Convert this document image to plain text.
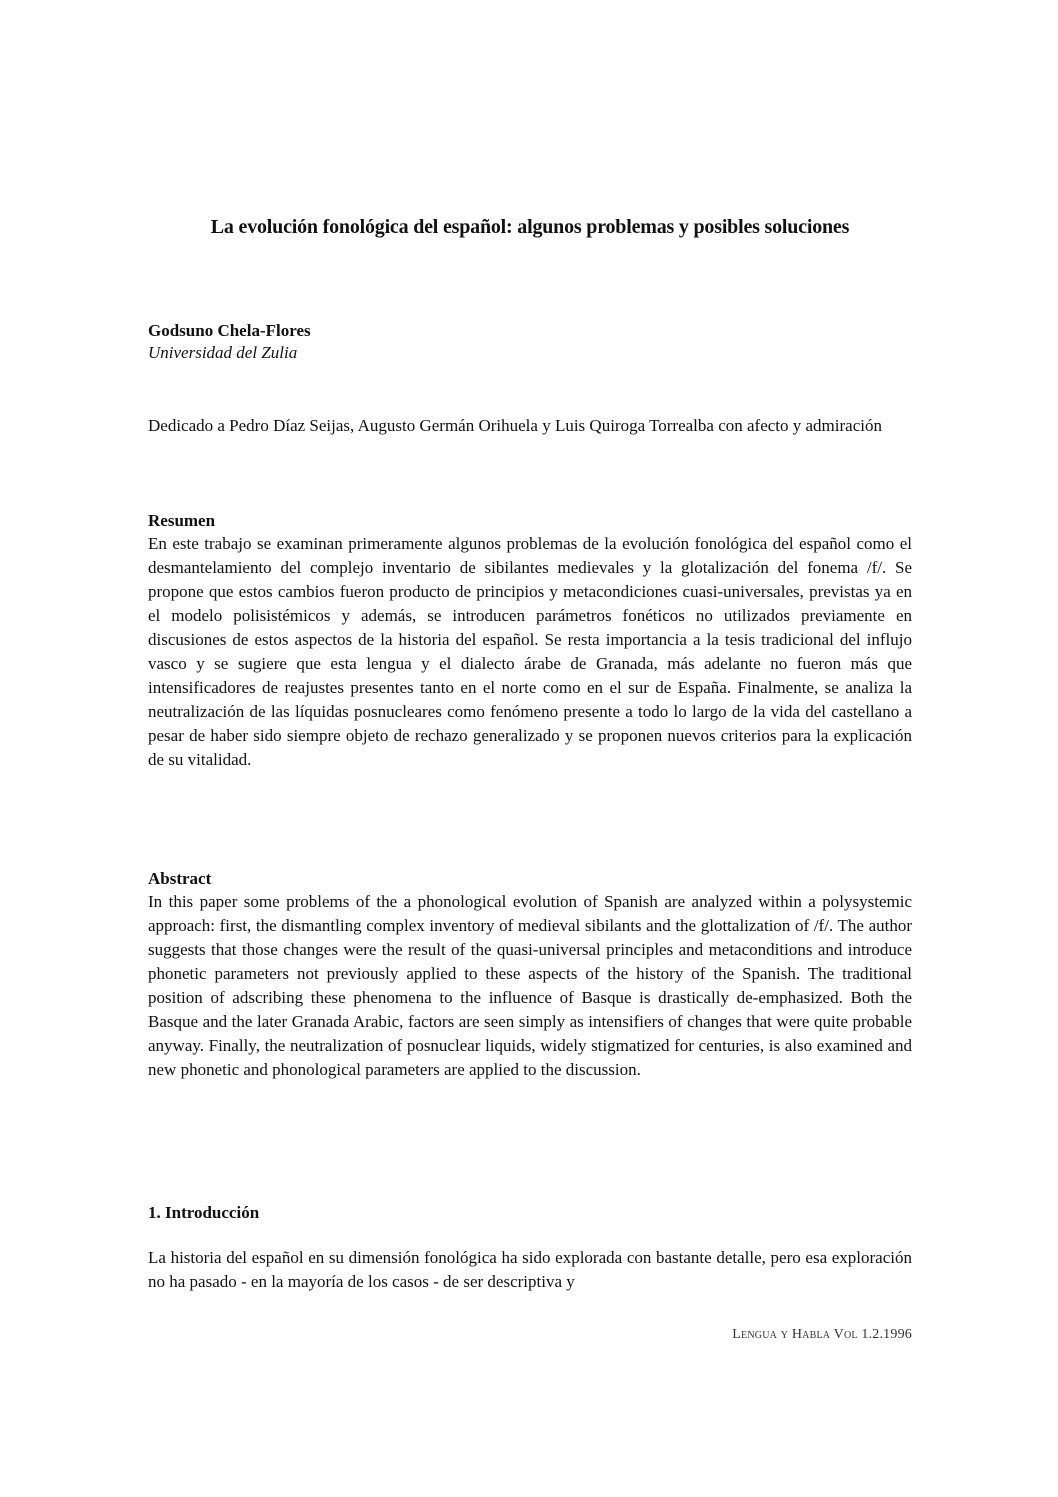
La evolución fonológica del español: algunos problemas y posibles soluciones
Godsuno Chela-Flores
Universidad del Zulia
Dedicado a Pedro Díaz Seijas, Augusto Germán Orihuela y Luis Quiroga Torrealba con afecto y admiración
Resumen
En este trabajo se examinan primeramente algunos problemas de la evolución fonológica del español como el desmantelamiento del complejo inventario de sibilantes medievales y la glotalización del fonema /f/. Se propone que estos cambios fueron producto de principios y metacondiciones cuasi-universales, previstas ya en el modelo polisistémicos y además, se introducen parámetros fonéticos no utilizados previamente en discusiones de estos aspectos de la historia del español. Se resta importancia a la tesis tradicional del influjo vasco y se sugiere que esta lengua y el dialecto árabe de Granada, más adelante no fueron más que intensificadores de reajustes presentes tanto en el norte como en el sur de España. Finalmente, se analiza la neutralización de las líquidas posnucleares como fenómeno presente a todo lo largo de la vida del castellano a pesar de haber sido siempre objeto de rechazo generalizado y se proponen nuevos criterios para la explicación de su vitalidad.
Abstract
In this paper some problems of the a phonological evolution of Spanish are analyzed within a polysystemic approach: first, the dismantling complex inventory of medieval sibilants and the glottalization of /f/. The author suggests that those changes were the result of the quasi-universal principles and metaconditions and introduce phonetic parameters not previously applied to these aspects of the history of the Spanish. The traditional position of adscribing these phenomena to the influence of Basque is drastically de-emphasized. Both the Basque and the later Granada Arabic, factors are seen simply as intensifiers of changes that were quite probable anyway. Finally, the neutralization of posnuclear liquids, widely stigmatized for centuries, is also examined and new phonetic and phonological parameters are applied to the discussion.
1. Introducción
La historia del español en su dimensión fonológica ha sido explorada con bastante detalle, pero esa exploración no ha pasado - en la mayoría de los casos - de ser descriptiva y
Lengua y Habla Vol 1.2.1996
